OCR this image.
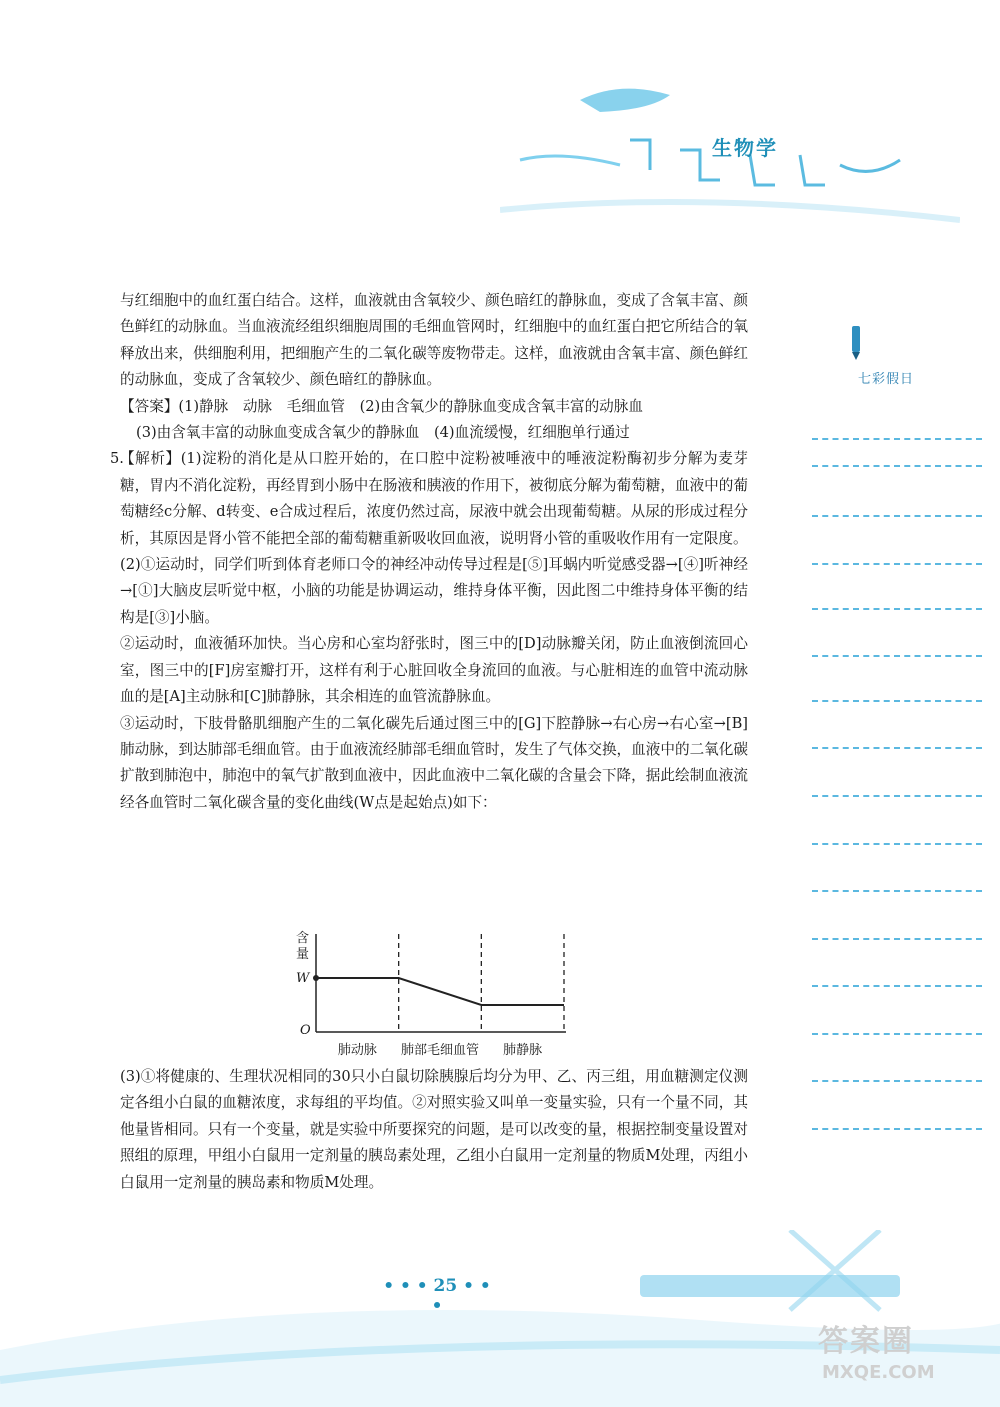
生物学
七彩假日

与红细胞中的血红蛋白结合。这样，血液就由含氧较少、颜色暗红的静脉血，变成了含氧丰富、颜色鲜红的动脉血。当血液流经组织细胞周围的毛细血管网时，红细胞中的血红蛋白把它所结合的氧释放出来，供细胞利用，把细胞产生的二氧化碳等废物带走。这样，血液就由含氧丰富、颜色鲜红的动脉血，变成了含氧较少、颜色暗红的静脉血。

【答案】(1)静脉　动脉　毛细血管　(2)由含氧少的静脉血变成含氧丰富的动脉血

(3)由含氧丰富的动脉血变成含氧少的静脉血　(4)血流缓慢，红细胞单行通过

5.

【解析】(1)淀粉的消化是从口腔开始的，在口腔中淀粉被唾液中的唾液淀粉酶初步分解为麦芽糖，胃内不消化淀粉，再经胃到小肠中在肠液和胰液的作用下，被彻底分解为葡萄糖，血液中的葡萄糖经c分解、d转变、e合成过程后，浓度仍然过高，尿液中就会出现葡萄糖。从尿的形成过程分析，其原因是肾小管不能把全部的葡萄糖重新吸收回血液，说明肾小管的重吸收作用有一定限度。

(2)①运动时，同学们听到体育老师口令的神经冲动传导过程是[⑤]耳蜗内听觉感受器→[④]听神经→[①]大脑皮层听觉中枢，小脑的功能是协调运动，维持身体平衡，因此图二中维持身体平衡的结构是[③]小脑。

②运动时，血液循环加快。当心房和心室均舒张时，图三中的[D]动脉瓣关闭，防止血液倒流回心室，图三中的[F]房室瓣打开，这样有利于心脏回收全身流回的血液。与心脏相连的血管中流动脉血的是[A]主动脉和[C]肺静脉，其余相连的血管流静脉血。

③运动时，下肢骨骼肌细胞产生的二氧化碳先后通过图三中的[G]下腔静脉→右心房→右心室→[B]肺动脉，到达肺部毛细血管。由于血液流经肺部毛细血管时，发生了气体交换，血液中的二氧化碳扩散到肺泡中，肺泡中的氧气扩散到血液中，因此血液中二氧化碳的含量会下降，据此绘制血液流经各血管时二氧化碳含量的变化曲线(W点是起始点)如下：

含
量
W
O
肺动脉 肺部毛细血管 肺静脉

(3)①将健康的、生理状况相同的30只小白鼠切除胰腺后均分为甲、乙、丙三组，用血糖测定仪测定各组小白鼠的血糖浓度，求每组的平均值。②对照实验又叫单一变量实验，只有一个量不同，其他量皆相同。只有一个变量，就是实验中所要探究的问题，是可以改变的量，根据控制变量设置对照组的原理，甲组小白鼠用一定剂量的胰岛素处理，乙组小白鼠用一定剂量的物质M处理，丙组小白鼠用一定剂量的胰岛素和物质M处理。

• • • 25 • • •
答案圈
MXQE.COM
